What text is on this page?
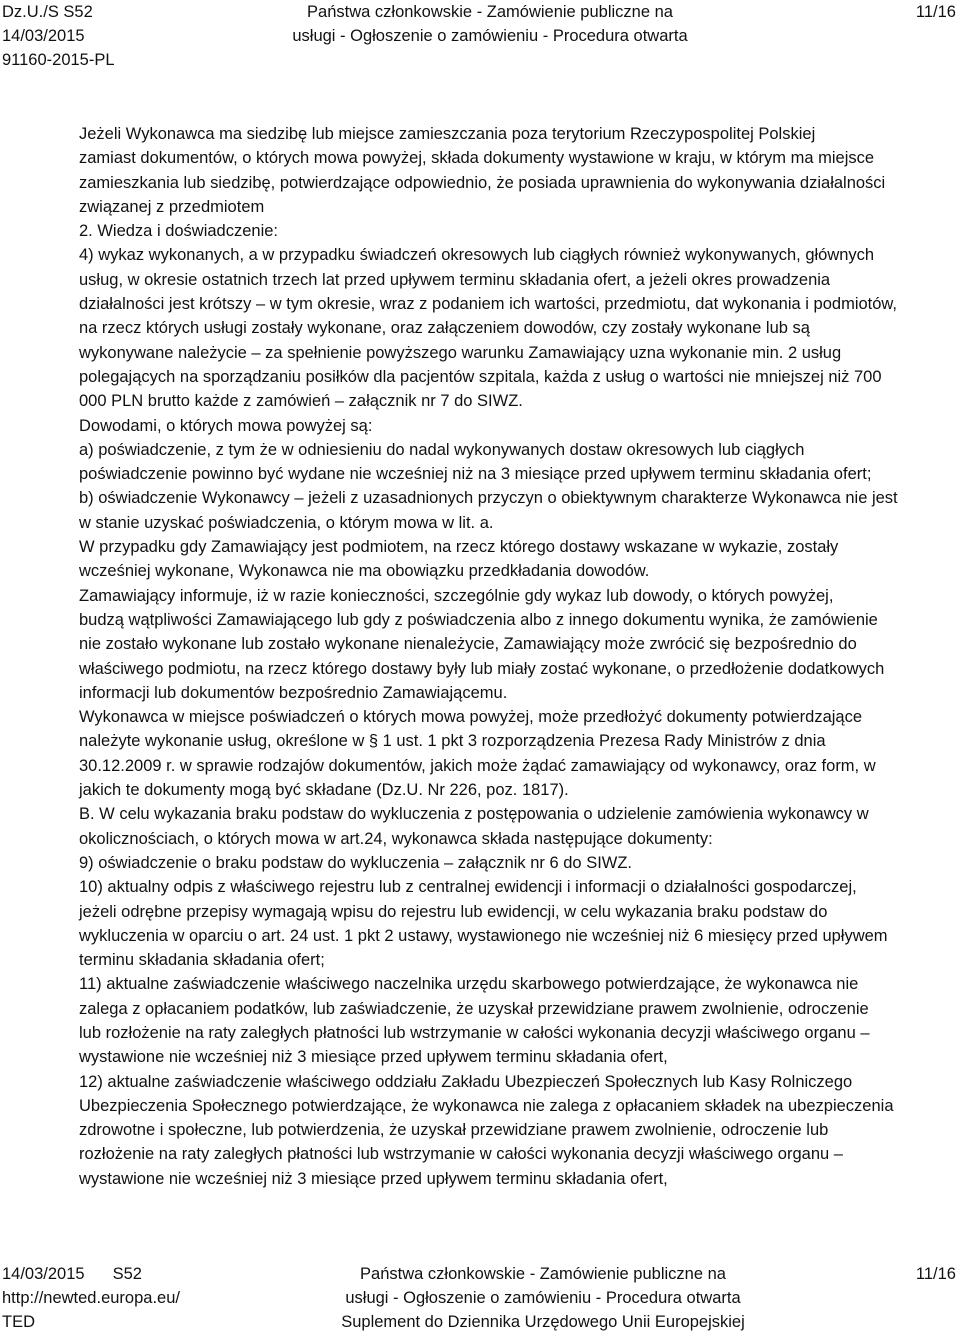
Dz.U./S S52
14/03/2015
91160-2015-PL
Państwa członkowskie - Zamówienie publiczne na
usługi - Ogłoszenie o zamówieniu - Procedura otwarta
11/16
Jeżeli Wykonawca ma siedzibę lub miejsce zamieszczania poza terytorium Rzeczypospolitej Polskiej
zamiast dokumentów, o których mowa powyżej, składa dokumenty wystawione w kraju, w którym ma miejsce
zamieszkania lub siedzibę, potwierdzające odpowiednio, że posiada uprawnienia do wykonywania działalności
związanej z przedmiotem
2. Wiedza i doświadczenie:
4) wykaz wykonanych, a w przypadku świadczeń okresowych lub ciągłych również wykonywanych, głównych
usług, w okresie ostatnich trzech lat przed upływem terminu składania ofert, a jeżeli okres prowadzenia
działalności jest krótszy – w tym okresie, wraz z podaniem ich wartości, przedmiotu, dat wykonania i podmiotów,
na rzecz których usługi zostały wykonane, oraz załączeniem dowodów, czy zostały wykonane lub są
wykonywane należycie – za spełnienie powyższego warunku Zamawiający uzna wykonanie min. 2 usług
polegających na sporządzaniu posiłków dla pacjentów szpitala, każda z usług o wartości nie mniejszej niż 700
000 PLN brutto każde z zamówień – załącznik nr 7 do SIWZ.
Dowodami, o których mowa powyżej są:
a) poświadczenie, z tym że w odniesieniu do nadal wykonywanych dostaw okresowych lub ciągłych
poświadczenie powinno być wydane nie wcześniej niż na 3 miesiące przed upływem terminu składania ofert;
b) oświadczenie Wykonawcy – jeżeli z uzasadnionych przyczyn o obiektywnym charakterze Wykonawca nie jest
w stanie uzyskać poświadczenia, o którym mowa w lit. a.
W przypadku gdy Zamawiający jest podmiotem, na rzecz którego dostawy wskazane w wykazie, zostały
wcześniej wykonane, Wykonawca nie ma obowiązku przedkładania dowodów.
Zamawiający informuje, iż w razie konieczności, szczególnie gdy wykaz lub dowody, o których powyżej,
budzą wątpliwości Zamawiającego lub gdy z poświadczenia albo z innego dokumentu wynika, że zamówienie
nie zostało wykonane lub zostało wykonane nienależycie, Zamawiający może zwrócić się bezpośrednio do
właściwego podmiotu, na rzecz którego dostawy były lub miały zostać wykonane, o przedłożenie dodatkowych
informacji lub dokumentów bezpośrednio Zamawiającemu.
Wykonawca w miejsce poświadczeń o których mowa powyżej, może przedłożyć dokumenty potwierdzające
należyte wykonanie usług, określone w § 1 ust. 1 pkt 3 rozporządzenia Prezesa Rady Ministrów z dnia
30.12.2009 r. w sprawie rodzajów dokumentów, jakich może żądać zamawiający od wykonawcy, oraz form, w
jakich te dokumenty mogą być składane (Dz.U. Nr 226, poz. 1817).
B. W celu wykazania braku podstaw do wykluczenia z postępowania o udzielenie zamówienia wykonawcy w
okolicznościach, o których mowa w art.24, wykonawca składa następujące dokumenty:
9) oświadczenie o braku podstaw do wykluczenia – załącznik nr 6 do SIWZ.
10) aktualny odpis z właściwego rejestru lub z centralnej ewidencji i informacji o działalności gospodarczej,
jeżeli odrębne przepisy wymagają wpisu do rejestru lub ewidencji, w celu wykazania braku podstaw do
wykluczenia w oparciu o art. 24 ust. 1 pkt 2 ustawy, wystawionego nie wcześniej niż 6 miesięcy przed upływem
terminu składania składania ofert;
11) aktualne zaświadczenie właściwego naczelnika urzędu skarbowego potwierdzające, że wykonawca nie
zalega z opłacaniem podatków, lub zaświadczenie, że uzyskał przewidziane prawem zwolnienie, odroczenie
lub rozłożenie na raty zaległych płatności lub wstrzymanie w całości wykonania decyzji właściwego organu –
wystawione nie wcześniej niż 3 miesiące przed upływem terminu składania ofert,
12) aktualne zaświadczenie właściwego oddziału Zakładu Ubezpieczeń Społecznych lub Kasy Rolniczego
Ubezpieczenia Społecznego potwierdzające, że wykonawca nie zalega z opłacaniem składek na ubezpieczenia
zdrowotne i społeczne, lub potwierdzenia, że uzyskał przewidziane prawem zwolnienie, odroczenie lub
rozłożenie na raty zaległych płatności lub wstrzymanie w całości wykonania decyzji właściwego organu –
wystawione nie wcześniej niż 3 miesiące przed upływem terminu składania ofert,
14/03/2015 S52
http://newted.europa.eu/
TED
Państwa członkowskie - Zamówienie publiczne na
usługi - Ogłoszenie o zamówieniu - Procedura otwarta
Suplement do Dziennika Urzędowego Unii Europejskiej
11/16
